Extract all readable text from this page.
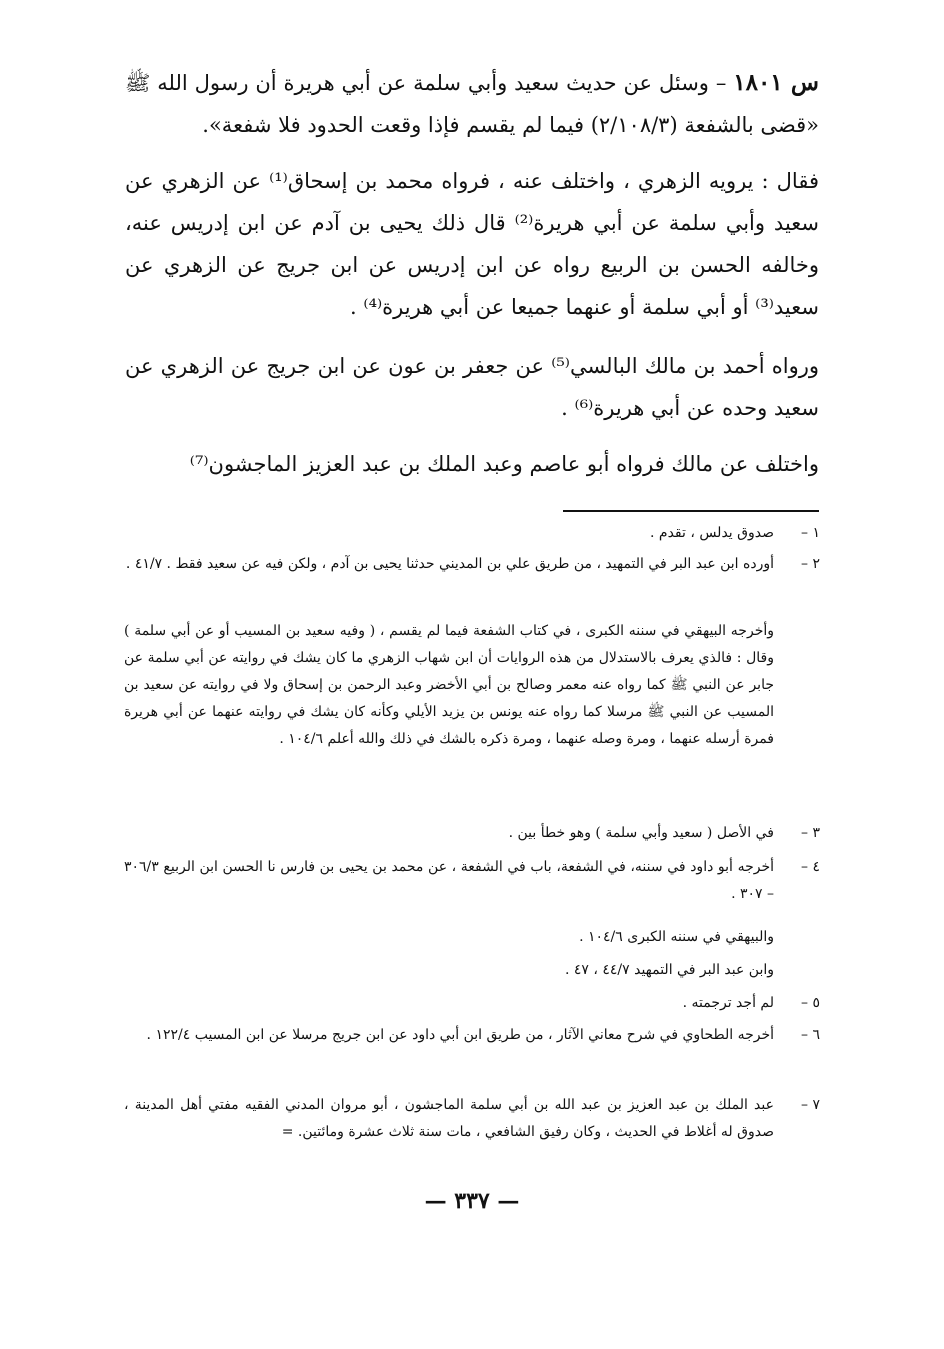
س ١٨٠١ – وسئل عن حديث سعيد وأبي سلمة عن أبي هريرة أن رسول الله ﷺ «قضى بالشفعة (٢/١٠٨/٣) فيما لم يقسم فإذا وقعت الحدود فلا شفعة».

فقال : يرويه الزهري ، واختلف عنه ، فرواه محمد بن إسحاق⁽¹⁾ عن الزهري عن سعيد وأبي سلمة عن أبي هريرة⁽²⁾ قال ذلك يحيى بن آدم عن ابن إدريس عنه، وخالفه الحسن بن الربيع رواه عن ابن إدريس عن ابن جريج عن الزهري عن سعيد⁽³⁾ أو أبي سلمة أو عنهما جميعا عن أبي هريرة⁽⁴⁾ .

ورواه أحمد بن مالك البالسي⁽⁵⁾ عن جعفر بن عون عن ابن جريج عن الزهري عن سعيد وحده عن أبي هريرة⁽⁶⁾ .

واختلف عن مالك فرواه أبو عاصم وعبد الملك بن عبد العزيز الماجشون⁽⁷⁾

١ –
صدوق يدلس ، تقدم .
٢ –
أورده ابن عبد البر في التمهيد ، من طريق علي بن المديني حدثنا يحيى بن آدم ، ولكن فيه عن سعيد فقط . ٤١/٧ .
وأخرجه البيهقي في سننه الكبرى ، في كتاب الشفعة فيما لم يقسم ، ( وفيه سعيد بن المسيب أو عن أبي سلمة ) وقال : فالذي يعرف بالاستدلال من هذه الروايات أن ابن شهاب الزهري ما كان يشك في روايته عن أبي سلمة عن جابر عن النبي ﷺ كما رواه عنه معمر وصالح بن أبي الأخضر وعبد الرحمن بن إسحاق ولا في روايته عن سعيد بن المسيب عن النبي ﷺ مرسلا كما رواه عنه يونس بن يزيد الأيلي وكأنه كان يشك في روايته عنهما عن أبي هريرة فمرة أرسله عنهما ، ومرة وصله عنهما ، ومرة ذكره بالشك في ذلك والله أعلم ١٠٤/٦ .
٣ –
في الأصل ( سعيد وأبي سلمة ) وهو خطأ بين .
٤ –
أخرجه أبو داود في سننه، في الشفعة، باب في الشفعة ، عن محمد بن يحيى بن فارس نا الحسن ابن الربيع ٣٠٦/٣ – ٣٠٧ .
والبيهقي في سننه الكبرى ١٠٤/٦ .
وابن عبد البر في التمهيد ٤٤/٧ ، ٤٧ .
٥ –
لم أجد ترجمته .
٦ –
أخرجه الطحاوي في شرح معاني الآثار ، من طريق ابن أبي داود عن ابن جريج مرسلا عن ابن المسيب ١٢٢/٤ .
٧ –
عبد الملك بن عبد العزيز بن عبد الله بن أبي سلمة الماجشون ، أبو مروان المدني الفقيه مفتي أهل المدينة ، صدوق له أغلاط في الحديث ، وكان رفيق الشافعي ، مات سنة ثلاث عشرة ومائتين. =
— ٣٣٧ —
